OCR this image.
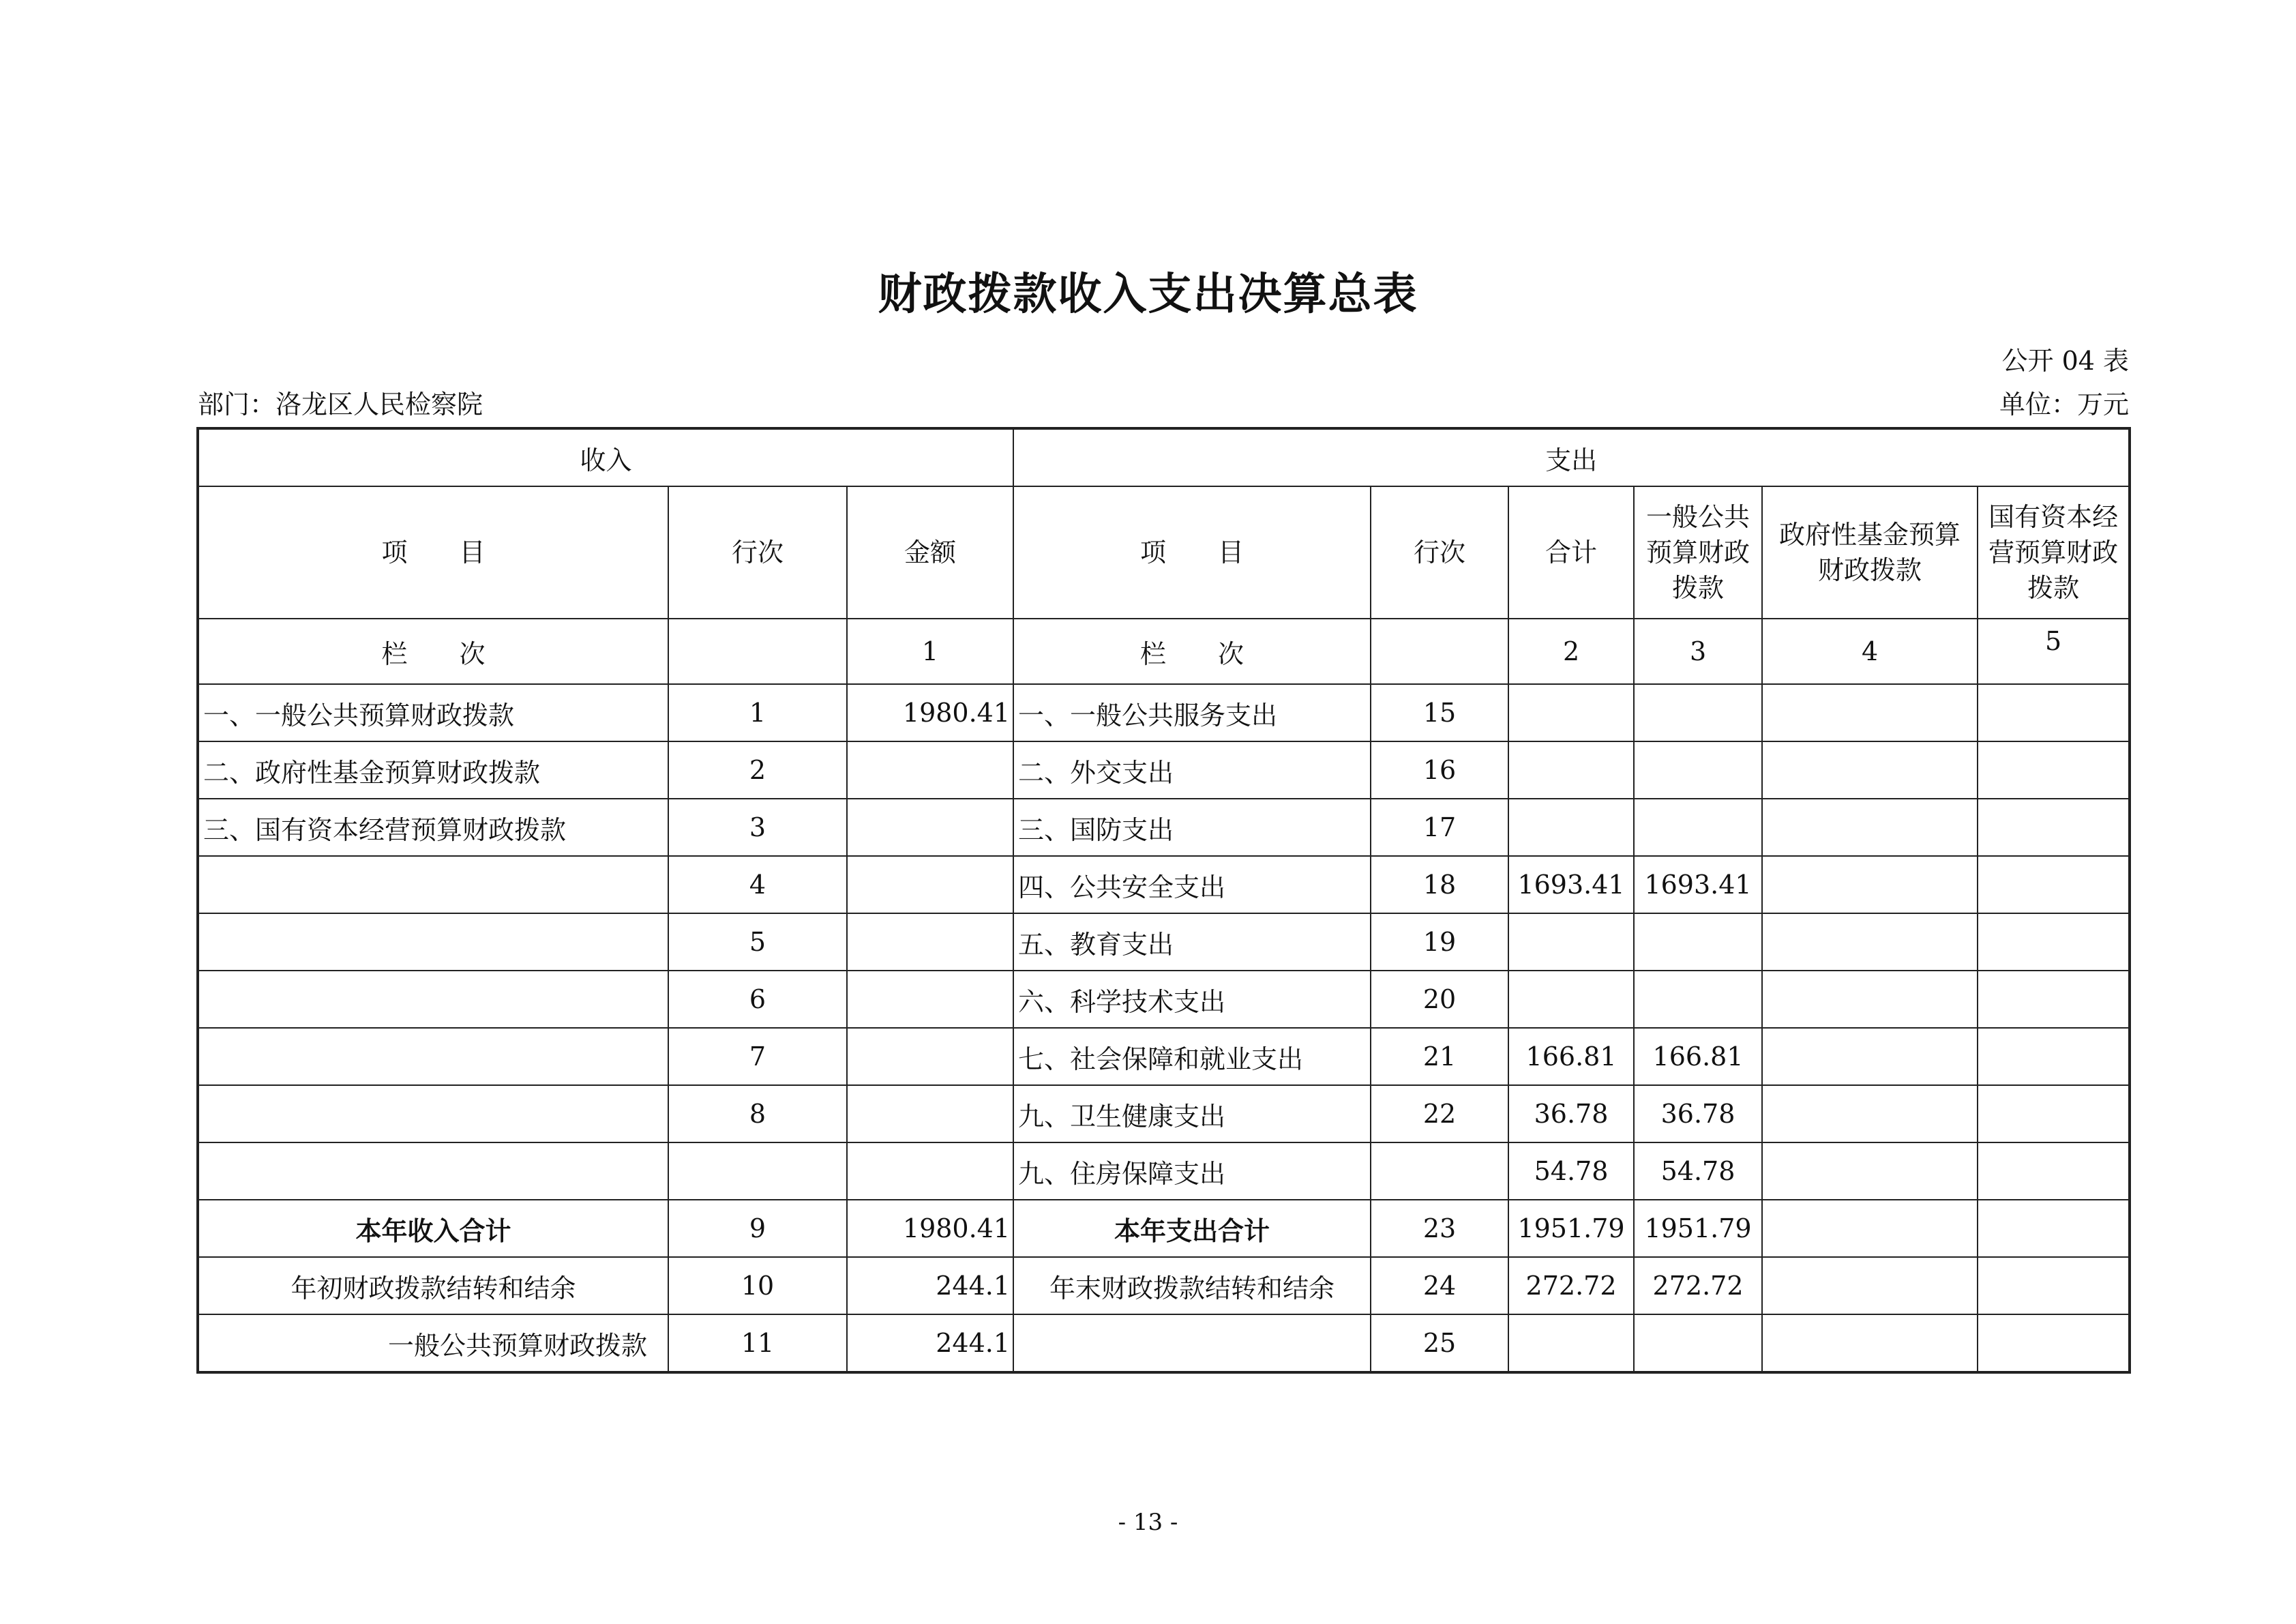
财政拨款收入支出决算总表
公开 04 表
部门：洛龙区人民检察院	单位：万元
收入			支出					
项　　目	行次	金额	项　　目	行次	合计	一般公共预算财政拨款	政府性基金预算财政拨款	国有资本经营预算财政拨款
栏　　次		1	栏　　次		2	3	4	5
一、一般公共预算财政拨款	1	1980.41	一、一般公共服务支出	15				
二、政府性基金预算财政拨款	2		二、外交支出	16				
三、国有资本经营预算财政拨款	3		三、国防支出	17				
	4		四、公共安全支出	18	1693.41	1693.41		
	5		五、教育支出	19				
	6		六、科学技术支出	20				
	7		七、社会保障和就业支出	21	166.81	166.81		
	8		九、卫生健康支出	22	36.78	36.78		
			九、住房保障支出		54.78	54.78		
本年收入合计	9	1980.41	本年支出合计	23	1951.79	1951.79		
年初财政拨款结转和结余	10	244.1	年末财政拨款结转和结余	24	272.72	272.72		
一般公共预算财政拨款	11	244.1		25				
- 13 -
